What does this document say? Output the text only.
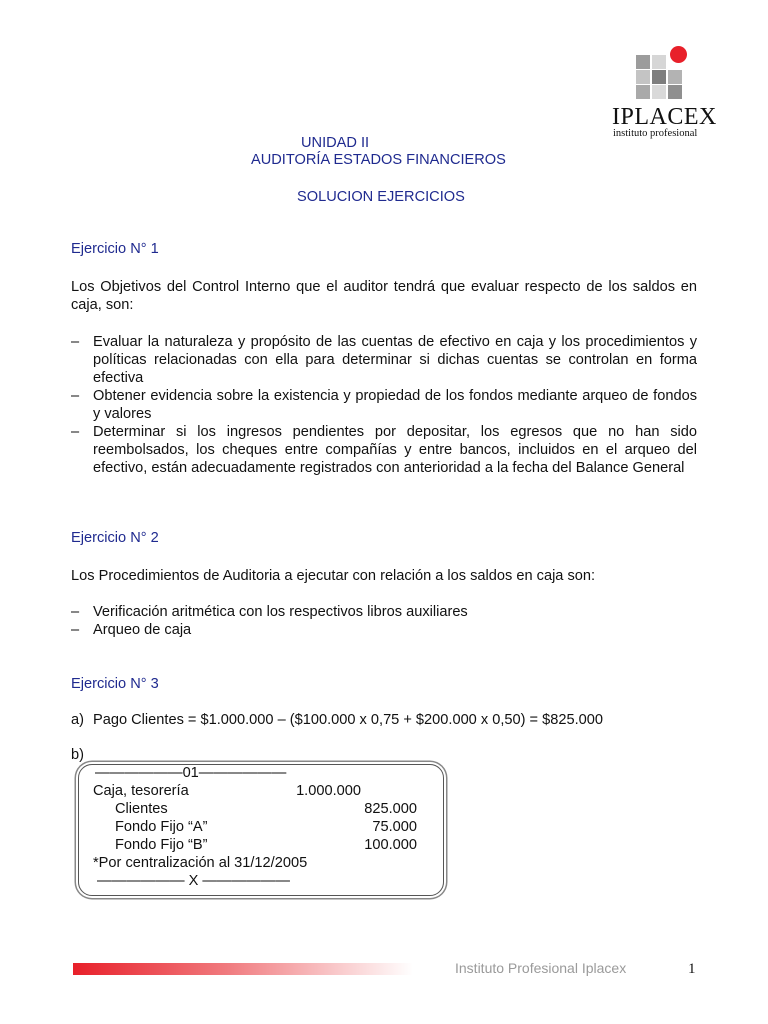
IPLACEX
instituto profesional
UNIDAD II
AUDITORÍA ESTADOS FINANCIEROS
SOLUCION EJERCICIOS
Ejercicio N° 1
Los Objetivos del Control Interno que el auditor tendrá que evaluar respecto de los saldos en caja, son:
– Evaluar la naturaleza y propósito de las cuentas de efectivo en caja y los procedimientos y políticas relacionadas con ella para determinar si dichas cuentas se controlan en forma efectiva
– Obtener evidencia sobre la existencia y propiedad de los fondos mediante arqueo de fondos y valores
– Determinar si los ingresos pendientes por depositar, los egresos que no han sido reembolsados, los cheques entre compañías y entre bancos, incluidos en el arqueo del efectivo, están adecuadamente registrados con anterioridad a la fecha del Balance General
Ejercicio N° 2
Los Procedimientos de Auditoria a ejecutar con relación a los saldos en caja son:
– Verificación aritmética con los respectivos libros auxiliares
– Arqueo de caja
Ejercicio N° 3
a) Pago Clientes = $1.000.000 – ($100.000 x 0,75 + $200.000 x 0,50) = $825.000
b)
——————01——————
Caja, tesorería	1.000.000
Clientes	825.000
Fondo Fijo “A”	75.000
Fondo Fijo “B”	100.000
*Por centralización al 31/12/2005
—————— X ——————
Instituto Profesional Iplacex	1
